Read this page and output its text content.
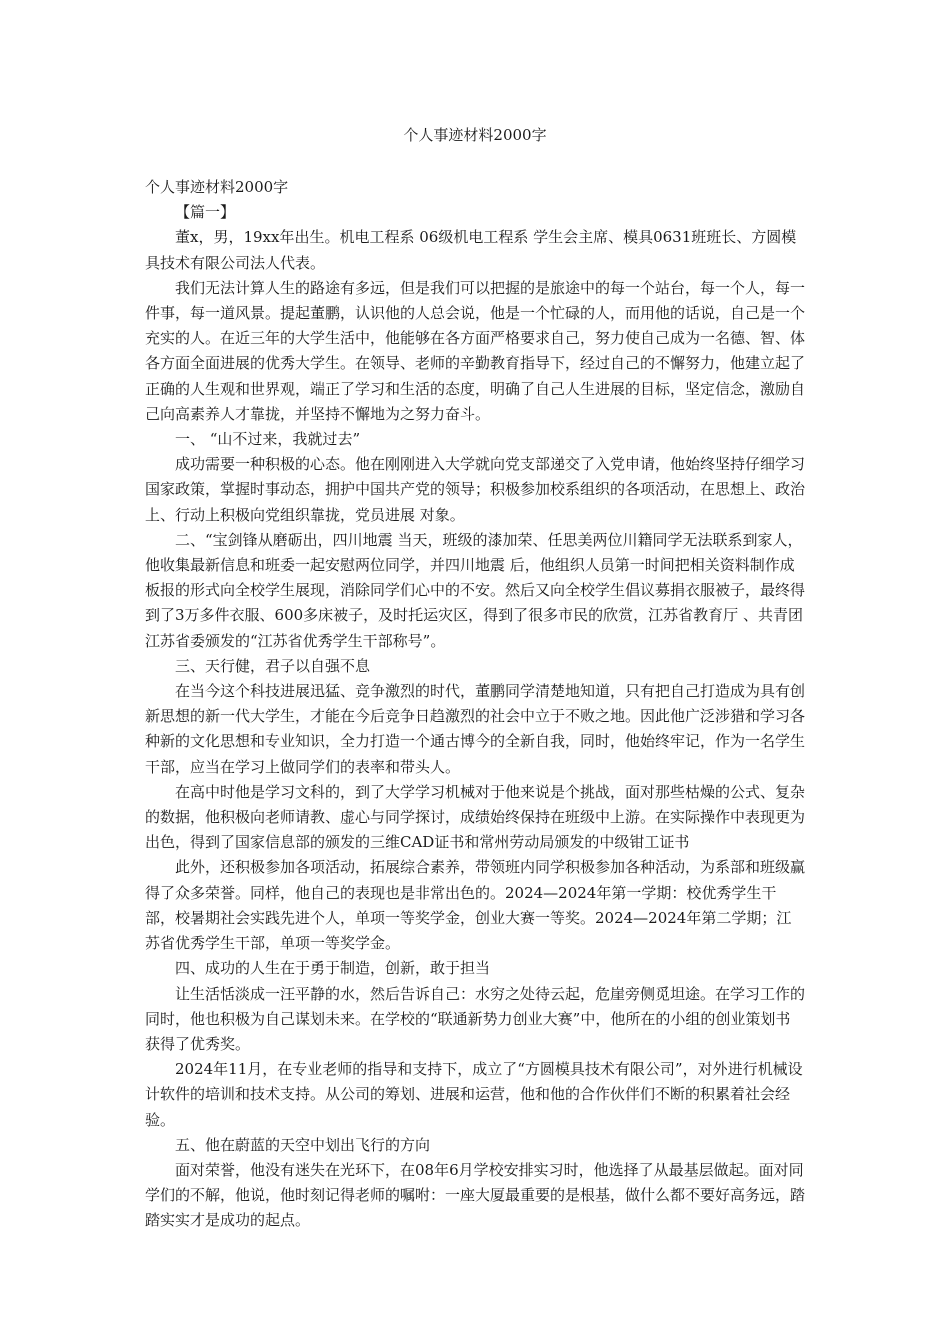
个人事迹材料2000字

个人事迹材料2000字

【篇一】

董x，男，19xx年出生。机电工程系 06级机电工程系 学生会主席、模具0631班班长、方圆模具技术有限公司法人代表。

我们无法计算人生的路途有多远，但是我们可以把握的是旅途中的每一个站台，每一个人，每一件事，每一道风景。提起董鹏，认识他的人总会说，他是一个忙碌的人，而用他的话说，自己是一个充实的人。在近三年的大学生活中，他能够在各方面严格要求自己，努力使自己成为一名德、智、体各方面全面进展的优秀大学生。在领导、老师的辛勤教育指导下，经过自己的不懈努力，他建立起了正确的人生观和世界观，端正了学习和生活的态度，明确了自己人生进展的目标，坚定信念，激励自己向高素养人才靠拢，并坚持不懈地为之努力奋斗。

一、 “山不过来，我就过去”

成功需要一种积极的心态。他在刚刚进入大学就向党支部递交了入党申请，他始终坚持仔细学习国家政策，掌握时事动态，拥护中国共产党的领导；积极参加校系组织的各项活动，在思想上、政治上、行动上积极向党组织靠拢，党员进展 对象。

二、“宝剑锋从磨砺出，四川地震 当天，班级的漆加荣、任思美两位川籍同学无法联系到家人，他收集最新信息和班委一起安慰两位同学，并四川地震 后，他组织人员第一时间把相关资料制作成板报的形式向全校学生展现，消除同学们心中的不安。然后又向全校学生倡议募捐衣服被子，最终得到了3万多件衣服、600多床被子，及时托运灾区，得到了很多市民的欣赏，江苏省教育厅 、共青团江苏省委颁发的“江苏省优秀学生干部称号”。

三、天行健，君子以自强不息

在当今这个科技进展迅猛、竞争激烈的时代，董鹏同学清楚地知道，只有把自己打造成为具有创新思想的新一代大学生，才能在今后竞争日趋激烈的社会中立于不败之地。因此他广泛涉猎和学习各种新的文化思想和专业知识，全力打造一个通古博今的全新自我，同时，他始终牢记，作为一名学生干部，应当在学习上做同学们的表率和带头人。

在高中时他是学习文科的，到了大学学习机械对于他来说是个挑战，面对那些枯燥的公式、复杂的数据，他积极向老师请教、虚心与同学探讨，成绩始终保持在班级中上游。在实际操作中表现更为出色，得到了国家信息部的颁发的三维CAD证书和常州劳动局颁发的中级钳工证书

此外，还积极参加各项活动，拓展综合素养，带领班内同学积极参加各种活动，为系部和班级赢得了众多荣誉。同样，他自己的表现也是非常出色的。2024—2024年第一学期：校优秀学生干部，校暑期社会实践先进个人，单项一等奖学金，创业大赛一等奖。2024—2024年第二学期；江苏省优秀学生干部，单项一等奖学金。

四、成功的人生在于勇于制造，创新，敢于担当

让生活恬淡成一汪平静的水，然后告诉自己：水穷之处待云起，危崖旁侧觅坦途。在学习工作的同时，他也积极为自己谋划未来。在学校的“联通新势力创业大赛”中，他所在的小组的创业策划书获得了优秀奖。

2024年11月，在专业老师的指导和支持下，成立了“方圆模具技术有限公司”，对外进行机械设计软件的培训和技术支持。从公司的筹划、进展和运营，他和他的合作伙伴们不断的积累着社会经验。

五、他在蔚蓝的天空中划出飞行的方向

面对荣誉，他没有迷失在光环下，在08年6月学校安排实习时，他选择了从最基层做起。面对同学们的不解，他说，他时刻记得老师的嘱咐：一座大厦最重要的是根基，做什么都不要好高务远，踏踏实实才是成功的起点。
